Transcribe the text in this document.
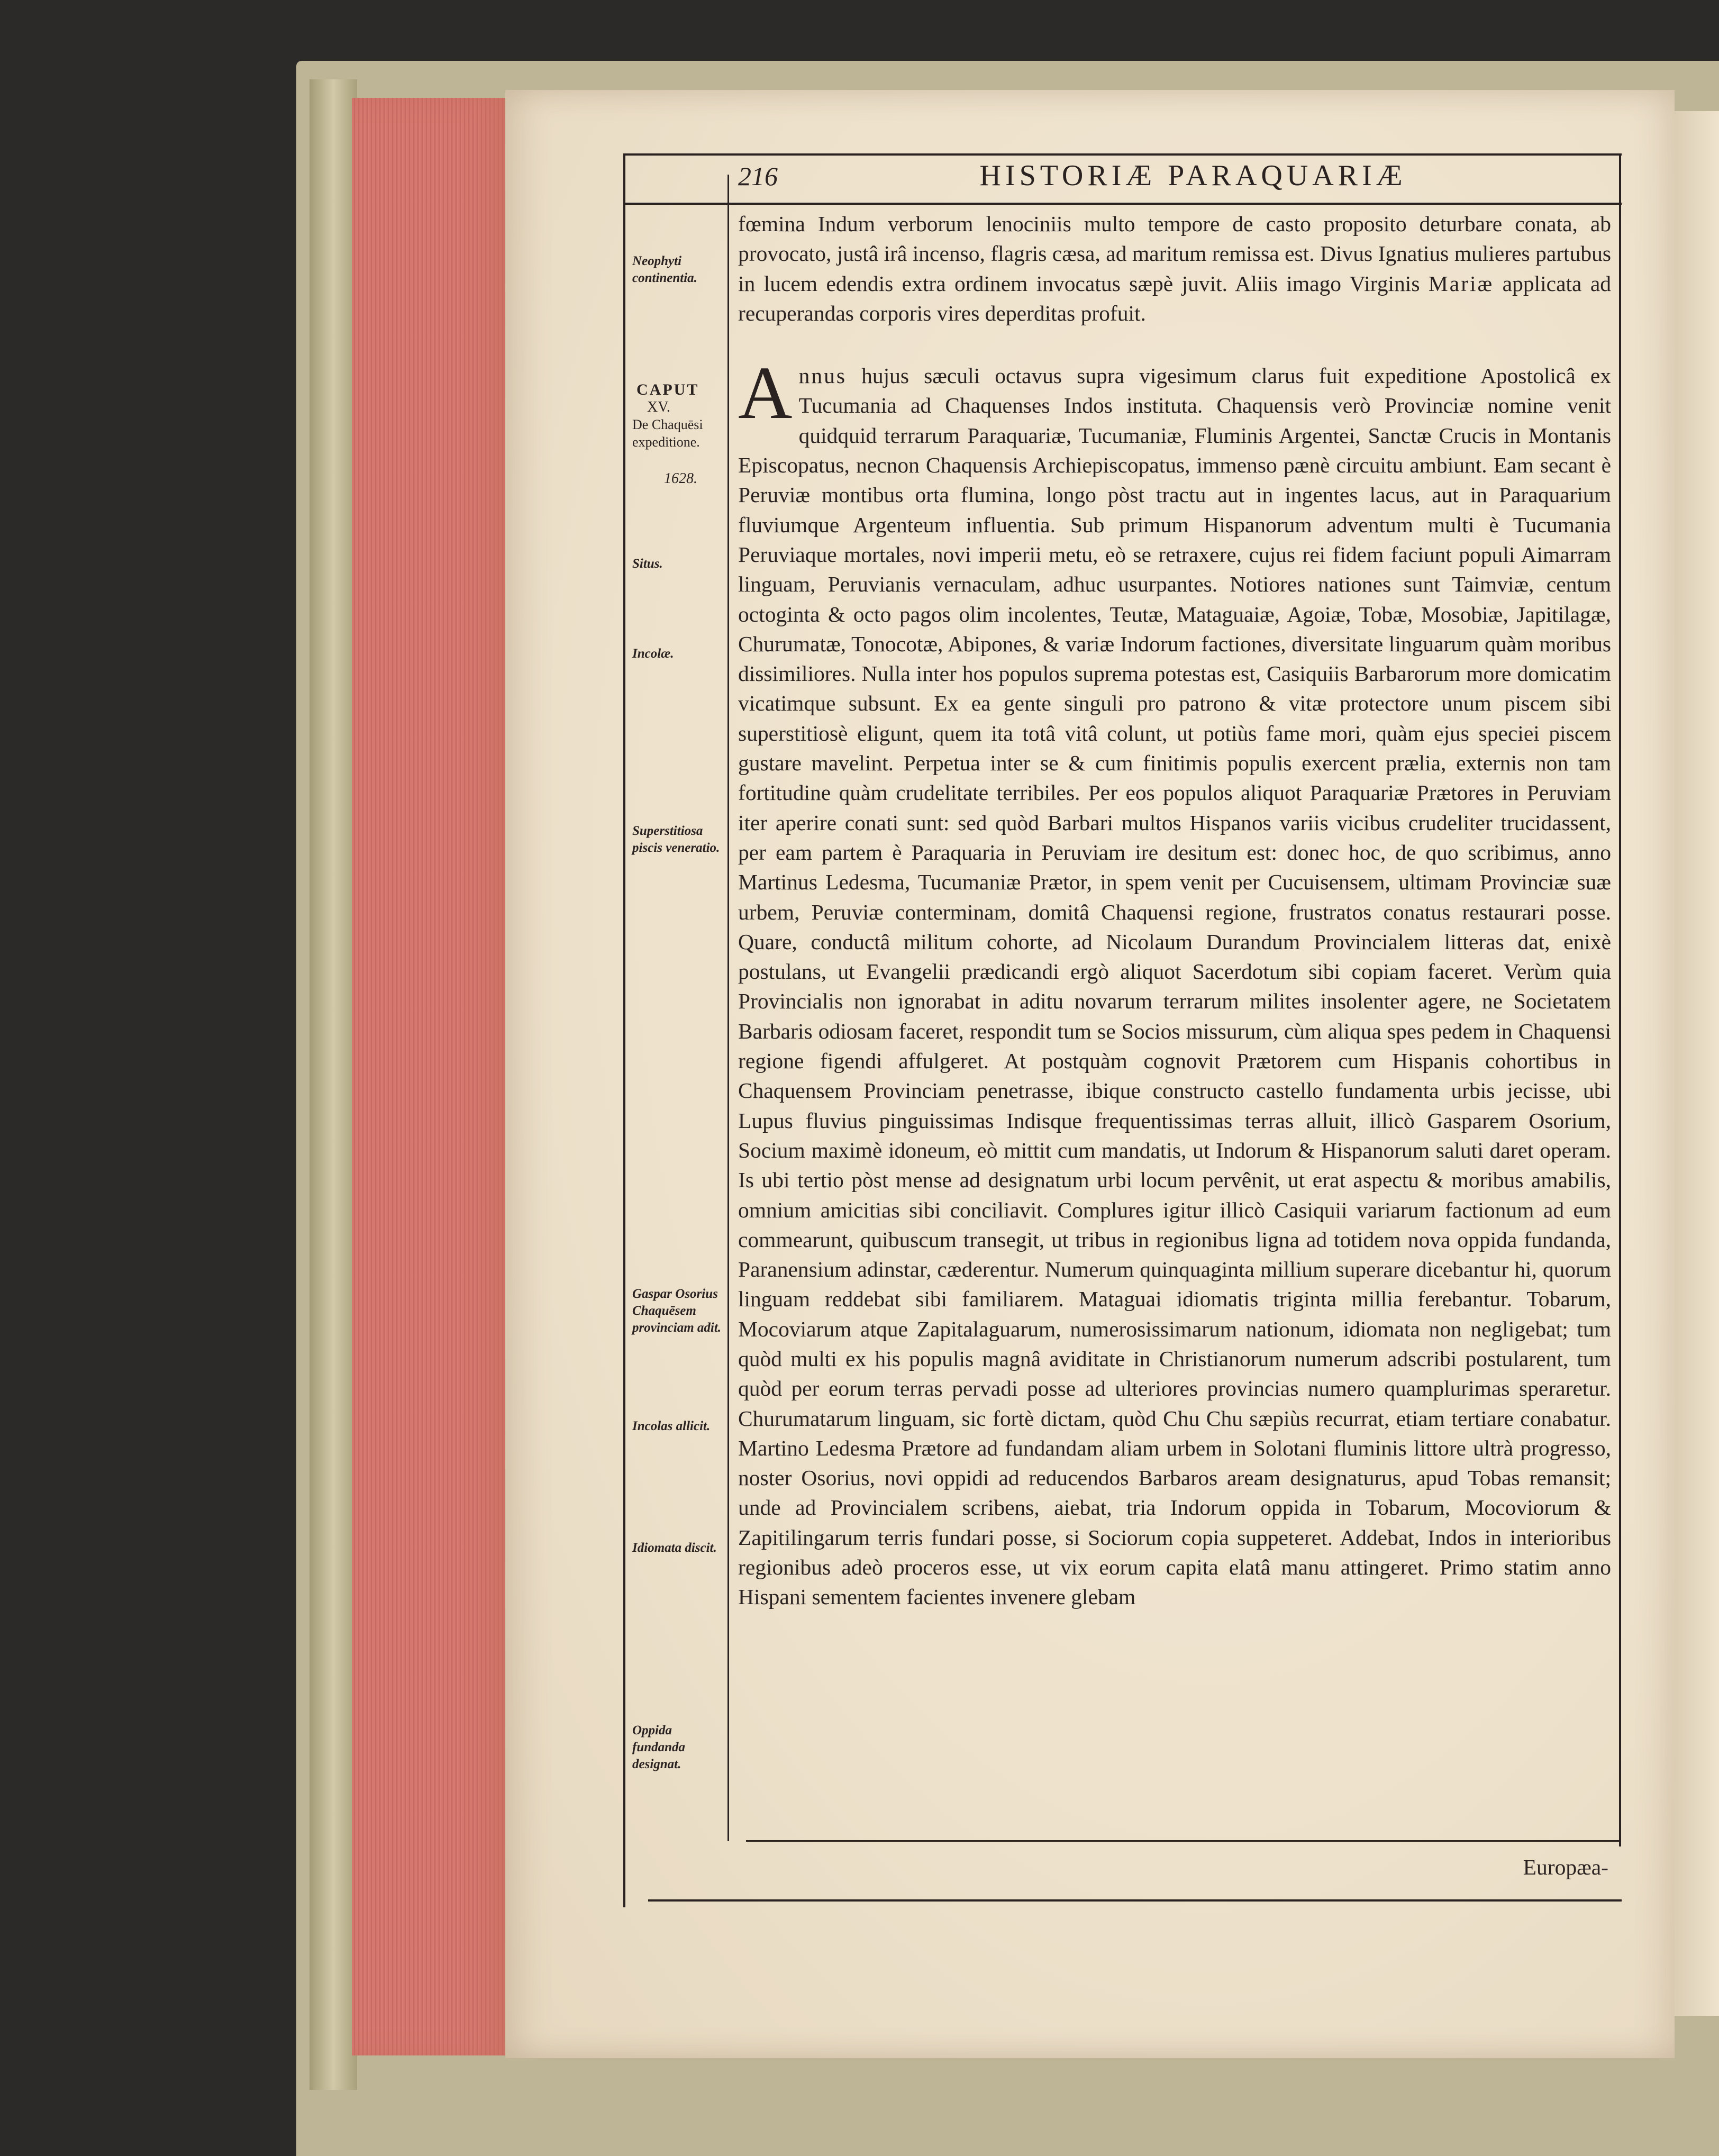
216	HISTORIÆ PARAQUARIÆ
Neophyti continentia.
CAPUT
XV.
De Chaquēsi expeditione.
1628.
Situs.
Incolæ.
Superstitiosa piscis veneratio.
Gaspar Osorius Chaquēsem provinciam adit.
Incolas allicit.
Idiomata discit.
Oppida fundanda designat.

fœmina Indum verborum lenociniis multo tempore de casto proposito deturbare conata, ab provocato, justâ irâ incenso, flagris cæsa, ad maritum remissa est. Divus Ignatius mulieres partubus in lucem edendis extra ordinem invocatus sæpè juvit. Aliis imago Virginis Mariæ applicata ad recuperandas corporis vires deperditas profuit.

Annus hujus sæculi octavus supra vigesimum clarus fuit expeditione Apostolicâ ex Tucumania ad Chaquenses Indos instituta. Chaquensis verò Provinciæ nomine venit quidquid terrarum Paraquariæ, Tucumaniæ, Fluminis Argentei, Sanctæ Crucis in Montanis Episcopatus, necnon Chaquensis Archiepiscopatus, immenso pænè circuitu ambiunt. Eam secant è Peruviæ montibus orta flumina, longo pòst tractu aut in ingentes lacus, aut in Paraquarium fluviumque Argenteum influentia. Sub primum Hispanorum adventum multi è Tucumania Peruviaque mortales, novi imperii metu, eò se retraxere, cujus rei fidem faciunt populi Aimarram linguam, Peruvianis vernaculam, adhuc usurpantes. Notiores nationes sunt Taimviæ, centum octoginta & octo pagos olim incolentes, Teutæ, Mataguaiæ, Agoiæ, Tobæ, Mosobiæ, Japitilagæ, Churumatæ, Tonocotæ, Abipones, & variæ Indorum factiones, diversitate linguarum quàm moribus dissimiliores. Nulla inter hos populos suprema potestas est, Casiquiis Barbarorum more domicatim vicatimque subsunt. Ex ea gente singuli pro patrono & vitæ protectore unum piscem sibi superstitiosè eligunt, quem ita totâ vitâ colunt, ut potiùs fame mori, quàm ejus speciei piscem gustare mavelint. Perpetua inter se & cum finitimis populis exercent prælia, externis non tam fortitudine quàm crudelitate terribiles. Per eos populos aliquot Paraquariæ Prætores in Peruviam iter aperire conati sunt: sed quòd Barbari multos Hispanos variis vicibus crudeliter trucidassent, per eam partem è Paraquaria in Peruviam ire desitum est: donec hoc, de quo scribimus, anno Martinus Ledesma, Tucumaniæ Prætor, in spem venit per Cucuisensem, ultimam Provinciæ suæ urbem, Peruviæ conterminam, domitâ Chaquensi regione, frustratos conatus restaurari posse. Quare, conductâ militum cohorte, ad Nicolaum Durandum Provincialem litteras dat, enixè postulans, ut Evangelii prædicandi ergò aliquot Sacerdotum sibi copiam faceret. Verùm quia Provincialis non ignorabat in aditu novarum terrarum milites insolenter agere, ne Societatem Barbaris odiosam faceret, respondit tum se Socios missurum, cùm aliqua spes pedem in Chaquensi regione figendi affulgeret. At postquàm cognovit Prætorem cum Hispanis cohortibus in Chaquensem Provinciam penetrasse, ibique constructo castello fundamenta urbis jecisse, ubi Lupus fluvius pinguissimas Indisque frequentissimas terras alluit, illicò Gasparem Osorium, Socium maximè idoneum, eò mittit cum mandatis, ut Indorum & Hispanorum saluti daret operam. Is ubi tertio pòst mense ad designatum urbi locum pervênit, ut erat aspectu & moribus amabilis, omnium amicitias sibi conciliavit. Complures igitur illicò Casiquii variarum factionum ad eum commearunt, quibuscum transegit, ut tribus in regionibus ligna ad totidem nova oppida fundanda, Paranensium adinstar, cæderentur. Numerum quinquaginta millium superare dicebantur hi, quorum linguam reddebat sibi familiarem. Mataguai idiomatis triginta millia ferebantur. Tobarum, Mocoviarum atque Zapitalaguarum, numerosissimarum nationum, idiomata non negligebat; tum quòd multi ex his populis magnâ aviditate in Christianorum numerum adscribi postularent, tum quòd per eorum terras pervadi posse ad ulteriores provincias numero quamplurimas speraretur. Churumatarum linguam, sic fortè dictam, quòd Chu Chu sæpiùs recurrat, etiam tertiare conabatur. Martino Ledesma Prætore ad fundandam aliam urbem in Solotani fluminis littore ultrà progresso, noster Osorius, novi oppidi ad reducendos Barbaros aream designaturus, apud Tobas remansit; unde ad Provincialem scribens, aiebat, tria Indorum oppida in Tobarum, Mocoviorum & Zapitilingarum terris fundari posse, si Sociorum copia suppeteret. Addebat, Indos in interioribus regionibus adeò proceros esse, ut vix eorum capita elatâ manu attingeret. Primo statim anno Hispani sementem facientes invenere glebam

Europæa-
